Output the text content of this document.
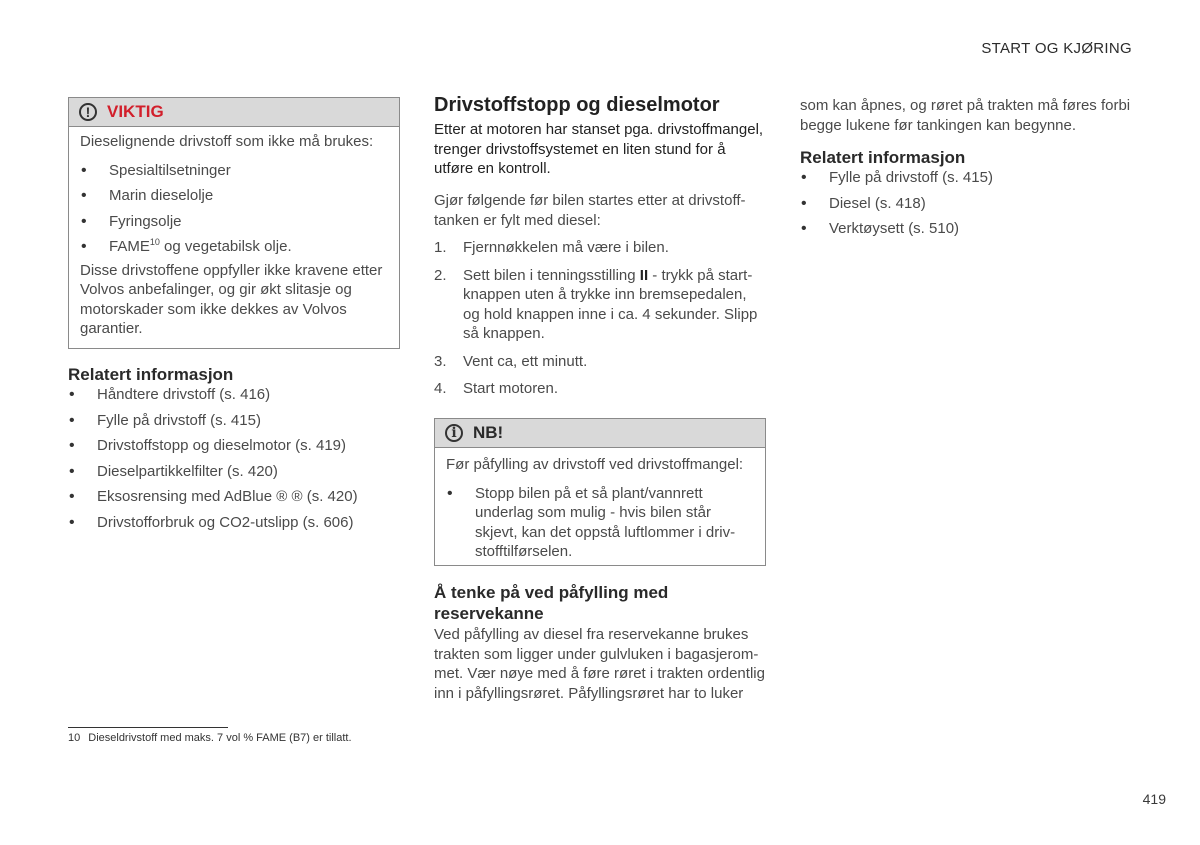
START OG KJØRING
! VIKTIG

Dieselignende drivstoff som ikke må brukes:

• Spesialtilsetninger
• Marin dieselolje
• Fyringsolje
• FAME$^{10}$ og vegetabilsk olje.

Disse drivstoffene oppfyller ikke kravene etter Volvos anbefalinger, og gir økt slitasje og motorskader som ikke dekkes av Volvos garantier.

Relatert informasjon
• Håndtere drivstoff (s. 416)
• Fylle på drivstoff (s. 415)
• Drivstoffstopp og dieselmotor (s. 419)
• Dieselpartikkelfilter (s. 420)
• Eksosrensing med AdBlue ® ® (s. 420)
• Drivstofforbruk og CO2-utslipp (s. 606)
Drivstoffstopp og dieselmotor

Etter at motoren har stanset pga. drivstoffmangel, trenger drivstoffsystemet en liten stund for å utføre en kontroll.

Gjør følgende før bilen startes etter at drivstofftanken er fylt med diesel:

1. Fjernnøkkelen må være i bilen.
2. Sett bilen i tenningsstilling II - trykk på startknappen uten å trykke inn bremsepedalen, og hold knappen inne i ca. 4 sekunder. Slipp så knappen.
3. Vent ca, ett minutt.
4. Start motoren.
i NB!

Før påfylling av drivstoff ved drivstoffmangel:

• Stopp bilen på et så plant/vannrett underlag som mulig - hvis bilen står skjevt, kan det oppstå luftlommer i drivstofftilførselen.
Å tenke på ved påfylling med reservekanne

Ved påfylling av diesel fra reservekanne brukes trakten som ligger under gulvluken i bagasjerommet. Vær nøye med å føre røret i trakten ordentlig inn i påfyllingsrøret. Påfyllingsrøret har to luker

som kan åpnes, og røret på trakten må føres forbi begge lukene før tankingen kan begynne.

Relatert informasjon
• Fylle på drivstoff (s. 415)
• Diesel (s. 418)
• Verktøysett (s. 510)
10 Dieseldrivstoff med maks. 7 vol % FAME (B7) er tillatt.
419
